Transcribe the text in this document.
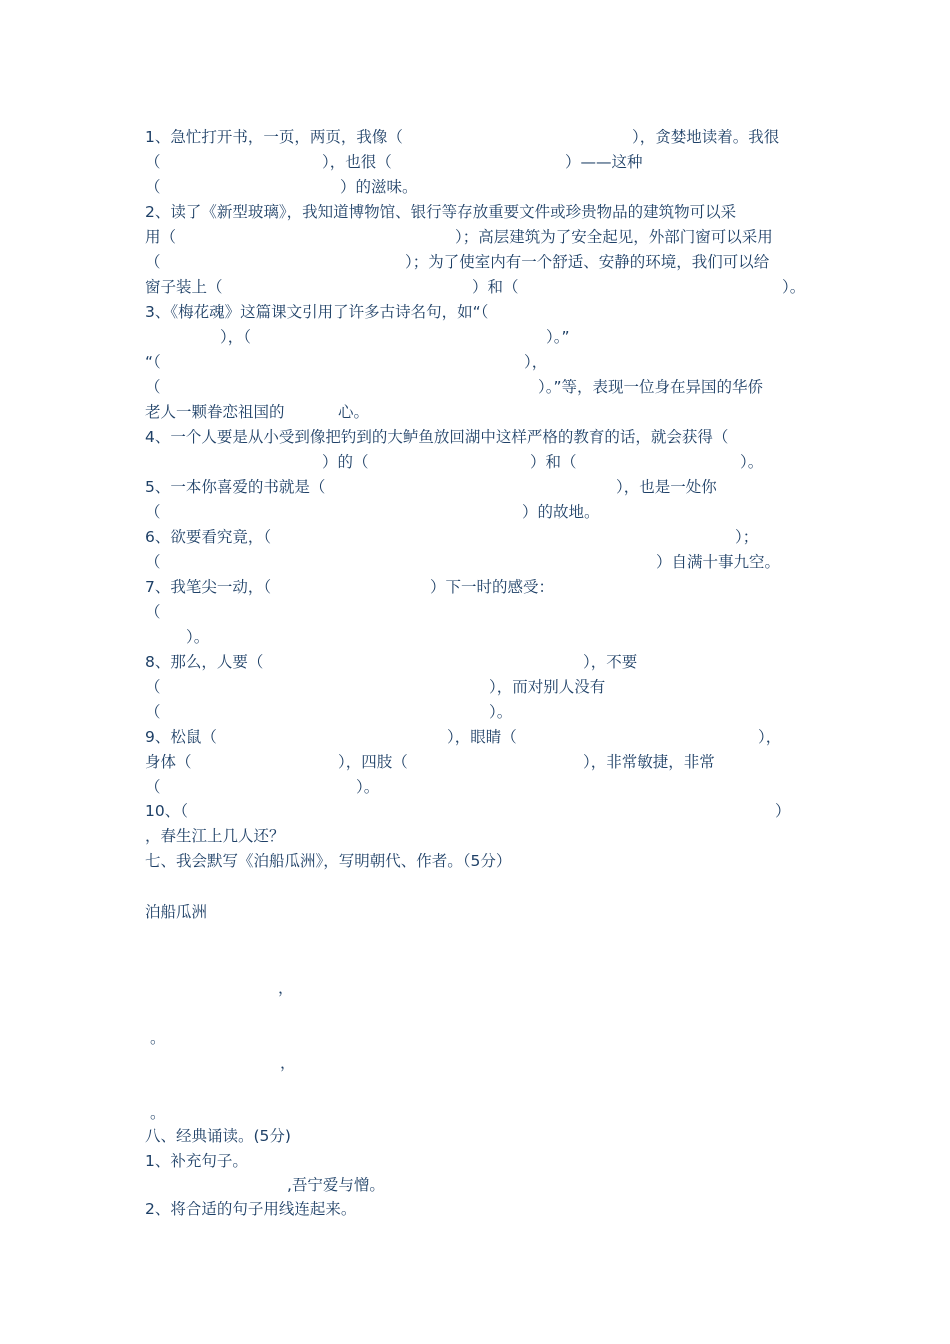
1、急忙打开书，一页，两页，我像（	），贪婪地读着。我很
（	），也很（	）——这种
（	）的滋味。
2、读了《新型玻璃》，我知道博物馆、银行等存放重要文件或珍贵物品的建筑物可以采
用（	）；高层建筑为了安全起见，外部门窗可以采用
（	）；为了使室内有一个舒适、安静的环境，我们可以给
窗子装上（	）和（	）。
3、《梅花魂》这篇课文引用了许多古诗名句，如“（
），（	）。”
“（	），
（	）。”等，表现一位身在异国的华侨
老人一颗眷恋祖国的	心。
4、一个人要是从小受到像把钓到的大鲈鱼放回湖中这样严格的教育的话，就会获得（
）的（	）和（	）。
5、一本你喜爱的书就是（	），也是一处你
（	）的故地。
6、欲要看究竟，（	）；
（	）自满十事九空。
7、我笔尖一动，（	）下一时的感受：
（
）。
8、那么，人要（	），不要
（	），而对别人没有
（	）。
9、松鼠（	），眼睛（	），
身体（	），四肢（	），非常敏捷，非常
（	）。
10、（	）
，春生江上几人还？
七、我会默写《泊船瓜洲》，写明朝代、作者。（5分）
泊船瓜洲
，
。
，
。
八、经典诵读。(5分)
1、补充句子。
,吾宁爱与憎。
2、将合适的句子用线连起来。
